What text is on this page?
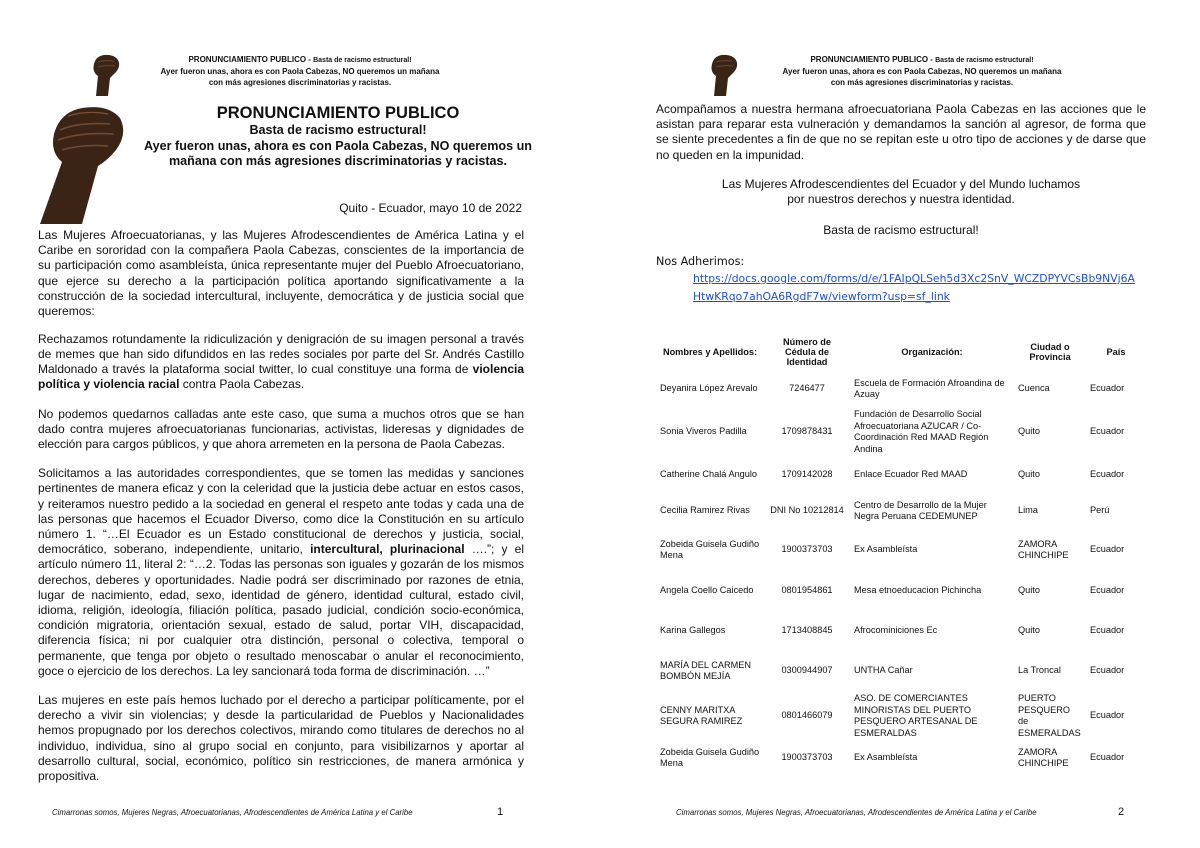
PRONUNCIAMIENTO PUBLICO - Basta de racismo estructural!
Ayer fueron unas, ahora es con Paola Cabezas, NO queremos un mañana
con más agresiones discriminatorias y racistas.
PRONUNCIAMIENTO PUBLICO
Basta de racismo estructural!
Ayer fueron unas, ahora es con Paola Cabezas, NO queremos un
mañana con más agresiones discriminatorias y racistas.
Quito - Ecuador, mayo 10 de 2022

Las Mujeres Afroecuatorianas, y las Mujeres Afrodescendientes de América Latina y el Caribe en sororidad con la compañera Paola Cabezas, conscientes de la importancia de su participación como asambleísta, única representante mujer del Pueblo Afroecuatoriano, que ejerce su derecho a la participación política aportando significativamente a la construcción de la sociedad intercultural, incluyente, democrática y de justicia social que queremos:

Rechazamos rotundamente la ridiculización y denigración de su imagen personal a través de memes que han sido difundidos en las redes sociales por parte del Sr. Andrés Castillo Maldonado a través la plataforma social twitter, lo cual constituye una forma de violencia política y violencia racial contra Paola Cabezas.

No podemos quedarnos calladas ante este caso, que suma a muchos otros que se han dado contra mujeres afroecuatorianas funcionarias, activistas, lideresas y dignidades de elección para cargos públicos, y que ahora arremeten en la persona de Paola Cabezas.

Solicitamos a las autoridades correspondientes, que se tomen las medidas y sanciones pertinentes de manera eficaz y con la celeridad que la justicia debe actuar en estos casos, y reiteramos nuestro pedido a la sociedad en general el respeto ante todas y cada una de las personas que hacemos el Ecuador Diverso, como dice la Constitución en su artículo número 1. “…El Ecuador es un Estado constitucional de derechos y justicia, social, democrático, soberano, independiente, unitario, intercultural, plurinacional ….”; y el artículo número 11, literal 2: “…2. Todas las personas son iguales y gozarán de los mismos derechos, deberes y oportunidades. Nadie podrá ser discriminado por razones de etnia, lugar de nacimiento, edad, sexo, identidad de género, identidad cultural, estado civil, idioma, religión, ideología, filiación política, pasado judicial, condición socio-económica, condición migratoria, orientación sexual, estado de salud, portar VIH, discapacidad, diferencia física; ni por cualquier otra distinción, personal o colectiva, temporal o permanente, que tenga por objeto o resultado menoscabar o anular el reconocimiento, goce o ejercicio de los derechos. La ley sancionará toda forma de discriminación. …”

Las mujeres en este país hemos luchado por el derecho a participar políticamente, por el derecho a vivir sin violencias; y desde la particularidad de Pueblos y Nacionalidades hemos propugnado por los derechos colectivos, mirando como titulares de derechos no al individuo, individua, sino al grupo social en conjunto, para visibilizarnos y aportar al desarrollo cultural, social, económico, político sin restricciones, de manera armónica y propositiva.

Cimarronas somos, Mujeres Negras, Afroecuatorianas, Afrodescendientes de América Latina y el Caribe	1
PRONUNCIAMIENTO PUBLICO - Basta de racismo estructural!
Ayer fueron unas, ahora es con Paola Cabezas, NO queremos un mañana
con más agresiones discriminatorias y racistas.
Acompañamos a nuestra hermana afroecuatoriana Paola Cabezas en las acciones que le asistan para reparar esta vulneración y demandamos la sanción al agresor, de forma que se siente precedentes a fin de que no se repitan este u otro tipo de acciones y de darse que no queden en la impunidad.
Las Mujeres Afrodescendientes del Ecuador y del Mundo luchamos
por nuestros derechos y nuestra identidad.
Basta de racismo estructural!
Nos Adherimos:
https://docs.google.com/forms/d/e/1FAIpQLSeh5d3Xc2SnV_WCZDPYVCsBb9NVj6A
HtwKRqo7ahOA6RgdF7w/viewform?usp=sf_link
Nombres y Apellidos:	Número de Cédula de Identidad	Organización:	Ciudad o Provincia	País
Deyanira López Arevalo	7246477	Escuela de Formación Afroandina de Azuay	Cuenca	Ecuador
Sonia Viveros Padilla	1709878431	Fundación de Desarrollo Social Afroecuatoriana AZUCAR / Co-Coordinación Red MAAD Región Andina	Quito	Ecuador
Catherine Chalá Angulo	1709142028	Enlace Ecuador Red MAAD	Quito	Ecuador
Cecilia Ramirez Rivas	DNI No 10212814	Centro de Desarrollo de la Mujer Negra Peruana CEDEMUNEP	Lima	Perú
Zobeida Guisela Gudiño Mena	1900373703	Ex Asambleísta	ZAMORA CHINCHIPE	Ecuador
Angela Coello Caicedo	0801954861	Mesa etnoeducacion Pichincha	Quito	Ecuador
Karina Gallegos	1713408845	Afrocominiciones Ec	Quito	Ecuador
MARÍA DEL CARMEN BOMBÓN MEJÍA	0300944907	UNTHA Cañar	La Troncal	Ecuador
CENNY MARITXA SEGURA RAMIREZ	0801466079	ASO. DE COMERCIANTES MINORISTAS DEL PUERTO PESQUERO ARTESANAL DE ESMERALDAS	PUERTO PESQUERO de ESMERALDAS	Ecuador
Zobeida Guisela Gudiño Mena	1900373703	Ex Asambleísta	ZAMORA CHINCHIPE	Ecuador
Cimarronas somos, Mujeres Negras, Afroecuatorianas, Afrodescendientes de América Latina y el Caribe	2
